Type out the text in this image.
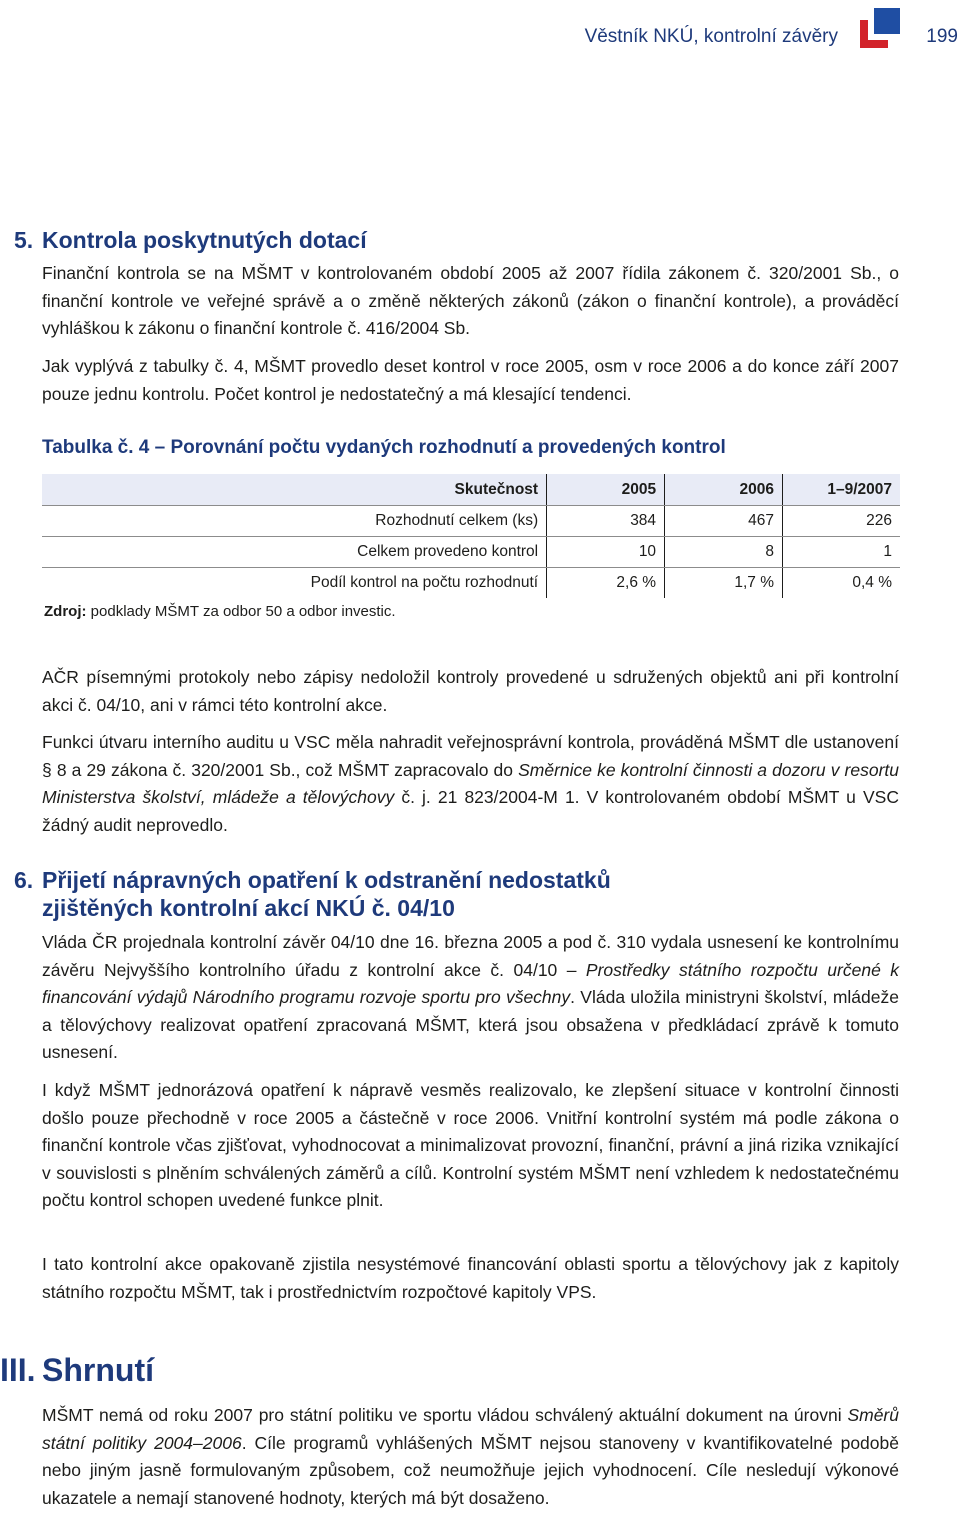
Věstník NKÚ, kontrolní závěry	199
5. Kontrola poskytnutých dotací

Finanční kontrola se na MŠMT v kontrolovaném období 2005 až 2007 řídila zákonem č. 320/2001 Sb., o finanční kontrole ve veřejné správě a o změně některých zákonů (zákon o finanční kontrole), a prováděcí vyhláškou k zákonu o finanční kontrole č. 416/2004 Sb.

Jak vyplývá z tabulky č. 4, MŠMT provedlo deset kontrol v roce 2005, osm v roce 2006 a do konce září 2007 pouze jednu kontrolu. Počet kontrol je nedostatečný a má klesající tendenci.

Tabulka č. 4 – Porovnání počtu vydaných rozhodnutí a provedených kontrol
Skutečnost	2005	2006	1–9/2007
Rozhodnutí celkem (ks)	384	467	226
Celkem provedeno kontrol	10	8	1
Podíl kontrol na počtu rozhodnutí	2,6 %	1,7 %	0,4 %
Zdroj: podklady MŠMT za odbor 50 a odbor investic.

AČR písemnými protokoly nebo zápisy nedoložil kontroly provedené u sdružených objektů ani při kontrolní akci č. 04/10, ani v rámci této kontrolní akce.

Funkci útvaru interního auditu u VSC měla nahradit veřejnosprávní kontrola, prováděná MŠMT dle ustanovení § 8 a 29 zákona č. 320/2001 Sb., což MŠMT zapracovalo do Směrnice ke kontrolní činnosti a dozoru v resortu Ministerstva školství, mládeže a tělovýchovy č. j. 21 823/2004-M 1. V kontrolovaném období MŠMT u VSC žádný audit neprovedlo.

6. Přijetí nápravných opatření k odstranění nedostatků
zjištěných kontrolní akcí NKÚ č. 04/10

Vláda ČR projednala kontrolní závěr 04/10 dne 16. března 2005 a pod č. 310 vydala usnesení ke kontrolnímu závěru Nejvyššího kontrolního úřadu z kontrolní akce č. 04/10 – Prostředky státního rozpočtu určené k financování výdajů Národního programu rozvoje sportu pro všechny. Vláda uložila ministryni školství, mládeže a tělovýchovy realizovat opatření zpracovaná MŠMT, která jsou obsažena v předkládací zprávě k tomuto usnesení.

I když MŠMT jednorázová opatření k nápravě vesměs realizovalo, ke zlepšení situace v kontrolní činnosti došlo pouze přechodně v roce 2005 a částečně v roce 2006. Vnitřní kontrolní systém má podle zákona o finanční kontrole včas zjišťovat, vyhodnocovat a minimalizovat provozní, finanční, právní a jiná rizika vznikající v souvislosti s plněním schválených záměrů a cílů. Kontrolní systém MŠMT není vzhledem k nedostatečnému počtu kontrol schopen uvedené funkce plnit.

I tato kontrolní akce opakovaně zjistila nesystémové financování oblasti sportu a tělovýchovy jak z kapitoly státního rozpočtu MŠMT, tak i prostřednictvím rozpočtové kapitoly VPS.

III. Shrnutí

MŠMT nemá od roku 2007 pro státní politiku ve sportu vládou schválený aktuální dokument na úrovni Směrů státní politiky 2004–2006. Cíle programů vyhlášených MŠMT nejsou stanoveny v kvantifikovatelné podobě nebo jiným jasně formulovaným způsobem, což neumožňuje jejich vyhodnocení. Cíle nesledují výkonové ukazatele a nemají stanovené hodnoty, kterých má být dosaženo.
